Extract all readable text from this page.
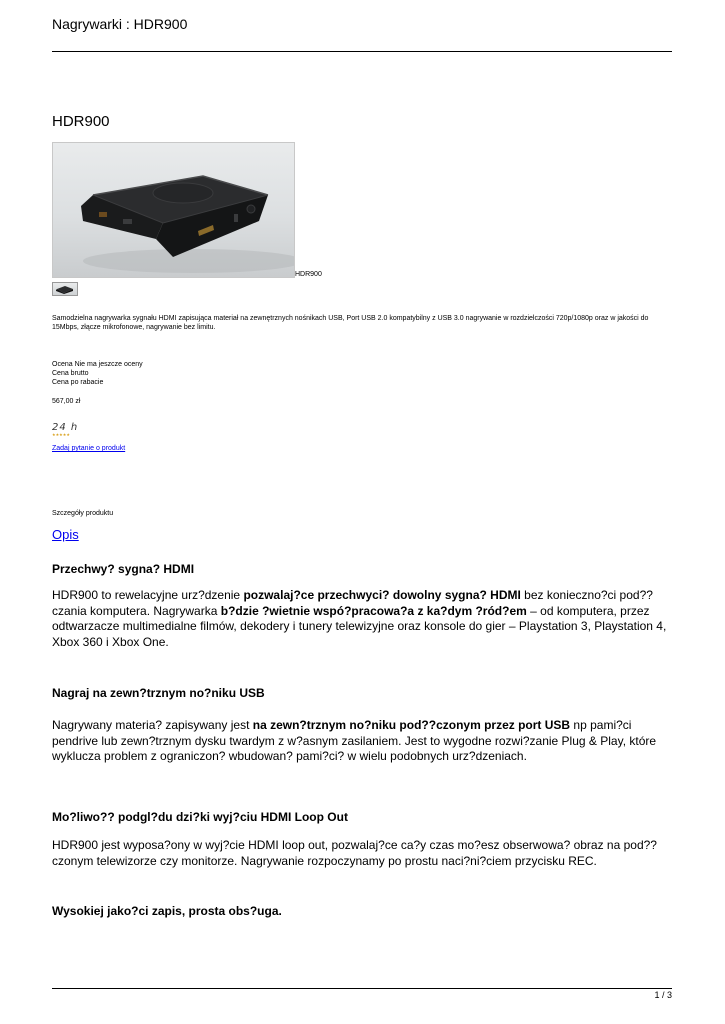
Nagrywarki : HDR900
HDR900
HDR900
Samodzielna nagrywarka sygnału HDMI zapisująca materiał na zewnętrznych nośnikach USB, Port USB 2.0 kompatybilny z USB 3.0 nagrywanie w rozdzielczości 720p/1080p oraz w jakości do 15Mbps, złącze mikrofonowe, nagrywanie bez limitu.
Ocena Nie ma jeszcze oceny
Cena brutto
Cena po rabacie
567,00 zł
24 h
★★★★★
Zadaj pytanie o produkt
Szczegóły produktu
Opis
Przechwy? sygna? HDMI
HDR900 to rewelacyjne urz?dzenie pozwalaj?ce przechwyci? dowolny sygna? HDMI bez konieczno?ci pod??czania komputera. Nagrywarka b?dzie ?wietnie wspó?pracowa?a z ka?dym ?ród?em – od komputera, przez odtwarzacze multimedialne filmów, dekodery i tunery telewizyjne oraz konsole do gier – Playstation 3, Playstation 4, Xbox 360 i Xbox One.
Nagraj na zewn?trznym no?niku USB
Nagrywany materia? zapisywany jest na zewn?trznym no?niku pod??czonym przez port USB np pami?ci pendrive lub zewn?trznym dysku twardym z w?asnym zasilaniem. Jest to wygodne rozwi?zanie Plug & Play, które wyklucza problem z ograniczon? wbudowan? pami?ci? w wielu podobnych urz?dzeniach.
Mo?liwo?? podgl?du dzi?ki wyj?ciu HDMI Loop Out
HDR900 jest wyposa?ony w wyj?cie HDMI loop out, pozwalaj?ce ca?y czas mo?esz obserwowa? obraz na pod??czonym telewizorze czy monitorze. Nagrywanie rozpoczynamy po prostu naci?ni?ciem przycisku REC.
Wysokiej jako?ci zapis, prosta obs?uga.
1 / 3
